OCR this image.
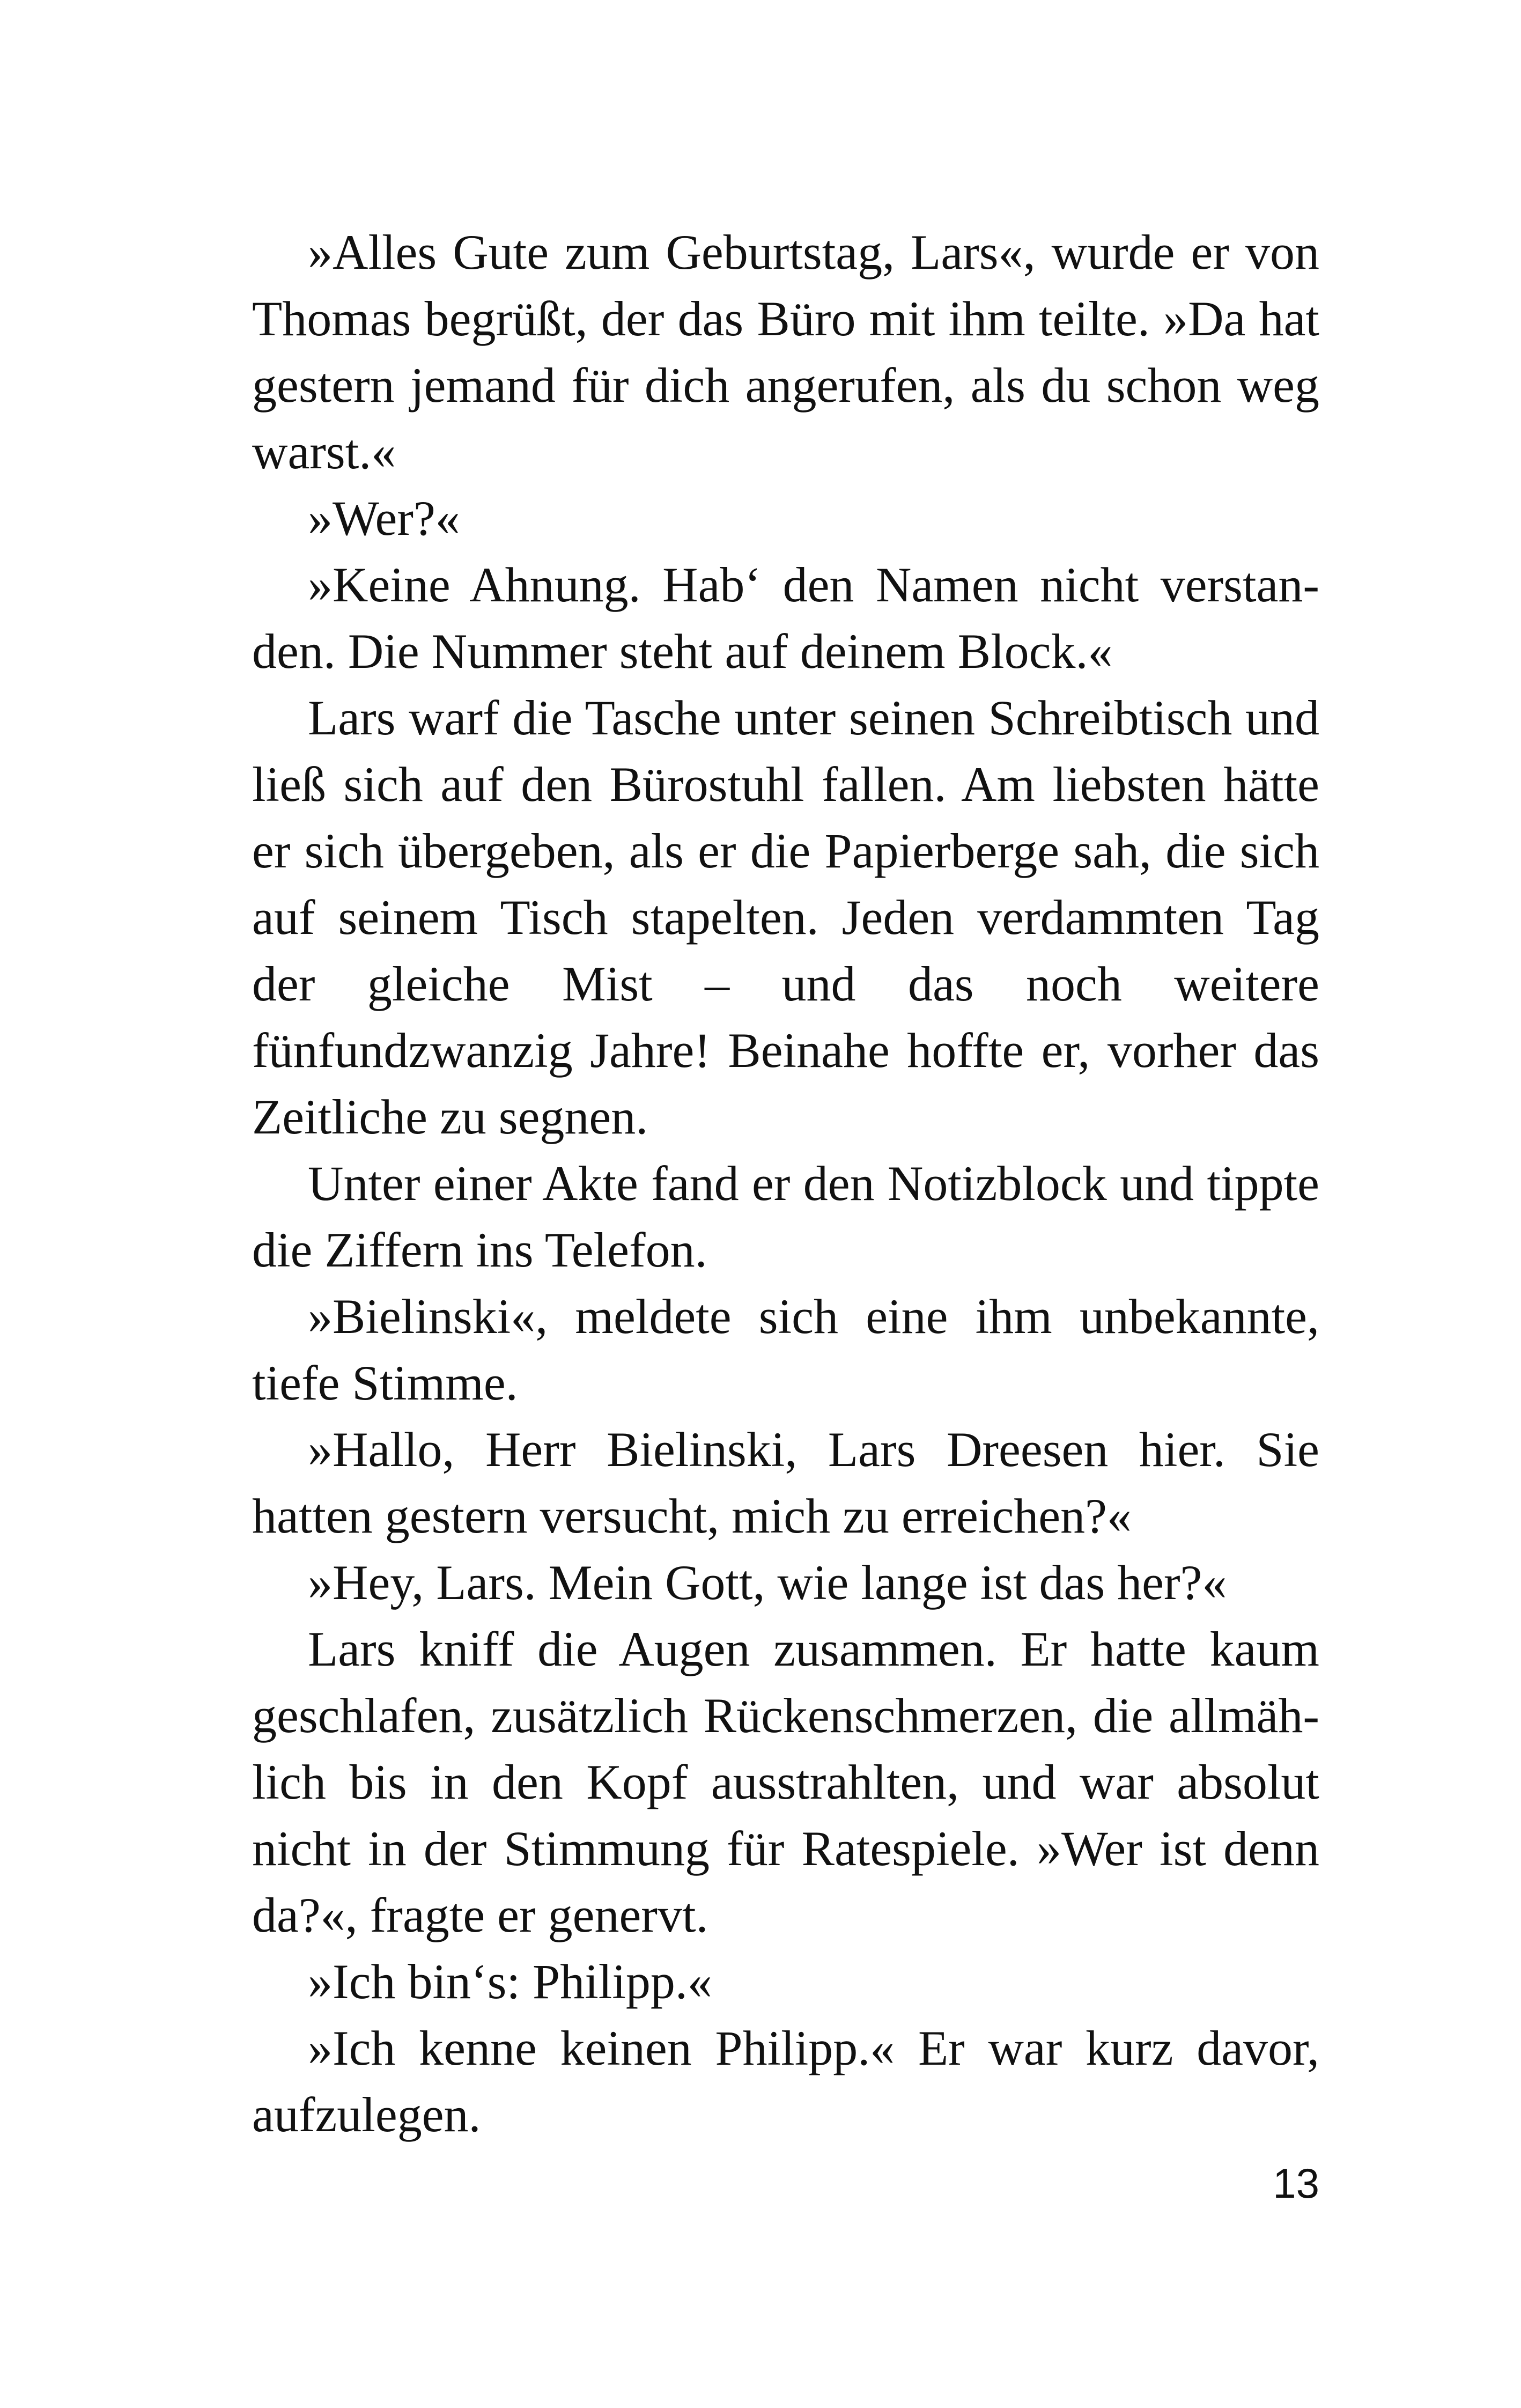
»Alles Gute zum Geburtstag, Lars«, wurde er von Thomas begrüßt, der das Büro mit ihm teilte. »Da hat gestern jemand für dich angerufen, als du schon weg warst.«

»Wer?«

»Keine Ahnung. Hab‘ den Namen nicht verstan-den. Die Nummer steht auf deinem Block.«

Lars warf die Tasche unter seinen Schreibtisch und ließ sich auf den Bürostuhl fallen. Am liebsten hätte er sich übergeben, als er die Papierberge sah, die sich auf seinem Tisch stapelten. Jeden verdammten Tag der gleiche Mist – und das noch weitere fünfundzwanzig Jahre! Beinahe hoffte er, vorher das Zeitliche zu segnen.

Unter einer Akte fand er den Notizblock und tippte die Ziffern ins Telefon.

»Bielinski«, meldete sich eine ihm unbekannte, tiefe Stimme.

»Hallo, Herr Bielinski, Lars Dreesen hier. Sie hatten gestern versucht, mich zu erreichen?«

»Hey, Lars. Mein Gott, wie lange ist das her?«

Lars kniff die Augen zusammen. Er hatte kaum geschlafen, zusätzlich Rückenschmerzen, die allmäh-lich bis in den Kopf ausstrahlten, und war absolut nicht in der Stimmung für Ratespiele. »Wer ist denn da?«, fragte er genervt.

»Ich bin‘s: Philipp.«

»Ich kenne keinen Philipp.« Er war kurz davor, aufzulegen.

13
